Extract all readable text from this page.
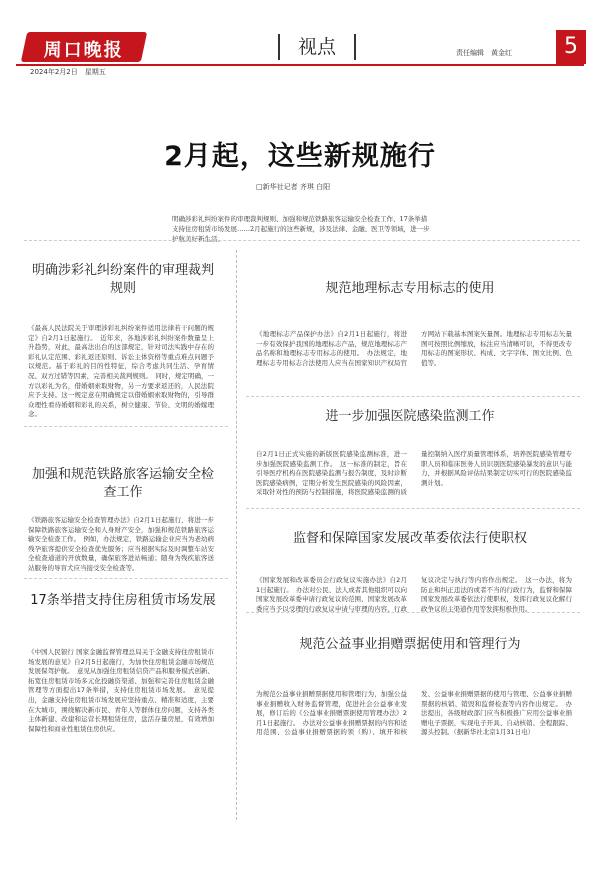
周口晚报	视点	责任编辑　黄金红	5
2024年2月2日　星期五
2月起，这些新规施行
□新华社记者 齐琪 白阳
明确涉彩礼纠纷案件的审理裁判规则、加强和规范铁路旅客运输安全检查工作、17条举措支持住房租赁市场发展……2月起施行的这些新规，涉及法律、金融、医卫等领域，进一步护航美好新生活。
明确涉彩礼纠纷案件的审理裁判规则
《最高人民法院关于审理涉彩礼纠纷案件适用法律若干问题的规定》自2月1日起施行。　近年来，各地涉彩礼纠纷案件数量呈上升趋势，对此，最高法出台的这部规定，针对司法实践中存在的彩礼认定范围、彩礼返还原则、诉讼主体资格等重点难点问题予以规范。基于彩礼的目的性特征，综合考虑共同生活、孕育情况、双方过错等因素，完善相关裁判规则。　同时，规定明确，一方以彩礼为名，借婚姻索取财物，另一方要求返还的，人民法院应予支持。这一规定意在明确规定以借婚姻索取财物的，引导群众理性看待婚姻和彩礼的关系，树立健康、节俭、文明的婚嫁理念。
加强和规范铁路旅客运输安全检查工作
《铁路旅客运输安全检查管理办法》自2月1日起施行，将进一步保障铁路旅客运输安全和人身财产安全，加强和规范铁路旅客运输安全检查工作。　例如，办法规定，铁路运输企业应当为老幼病残孕旅客提供安全检查优先服务；应当根据实际及时调整车站安全检查通道的开放数量，确保旅客进站畅通；随身为残疾旅客送站服务的导盲犬应当接受安全检查等。
17条举措支持住房租赁市场发展
《中国人民银行 国家金融监督管理总局关于金融支持住房租赁市场发展的意见》自2月5日起施行，为加快住房租赁金融市场规范发展保驾护航。　意见从加强住房租赁信贷产品和服务模式创新、拓宽住房租赁市场多元化投融资渠道、加强和完善住房租赁金融管理等方面提出17条举措，支持住房租赁市场发展。　意见提出，金融支持住房租赁市场发展应坚持重点、精准和适度，主要在大城市，围绕解决新市民、青年人等群体住房问题，支持各类主体新建、改建和运营长期租赁住房，盘活存量房屋，有效增加保障性和商业性租赁住房供应。
规范地理标志专用标志的使用
《地理标志产品保护办法》自2月1日起施行，将进一步有效保护我国的地理标志产品，规范地理标志产品名称和地理标志专用标志的使用。　办法规定，地理标志专用标志合法使用人应当在国家知识产权局官方网站下载基本图案矢量图。地理标志专用标志矢量图可按照比例缩放，标注应当清晰可识，不得更改专用标志的图案形状、构成、文字字体、图文比例、色值等。
进一步加强医院感染监测工作
自2月1日正式实施的新版医院感染监测标准，进一步加强医院感染监测工作。　这一标准的制定，旨在引导医疗机构在医院感染监测与报告制度，及时诊断医院感染病例，定期分析发生医院感染的风险因素，采取针对性的预防与控制措施，将医院感染监测的质量控制纳入医疗质量管理体系，培养医院感染管理专职人员和临床医务人员识别医院感染暴发的意识与能力，并根据风险评估结果制定切实可行的医院感染监测计划。
监督和保障国家发展改革委依法行使职权
《国家发展和改革委员会行政复议实施办法》自2月1日起施行。　办法对公民、法人或者其他组织可以向国家发展改革委申请行政复议的范围、国家发展改革委应当予以受理的行政复议申请与审理的内容、行政复议决定与执行等内容作出规定。　这一办法，将为防止和纠正违法的或者不当的行政行为，监督和保障国家发展改革委依法行使职权，发挥行政复议化解行政争议的主渠道作用等发挥积极作用。
规范公益事业捐赠票据使用和管理行为
为规范公益事业捐赠票据使用和管理行为，加强公益事业捐赠收入财务监督管理，促进社会公益事业发展，修订后的《公益事业捐赠票据使用管理办法》2月1日起施行。　办法对公益事业捐赠票据的内容和适用范围、公益事业捐赠票据的领（购）、填开和核发、公益事业捐赠票据的使用与管理、公益事业捐赠票据的核销、销毁和监督检查等内容作出规定。　办法提出，各级财政部门应当积极推广应用公益事业捐赠电子票据，实现电子开具、自动核销、全程跟踪、源头控制。（据新华社北京1月31日电）
